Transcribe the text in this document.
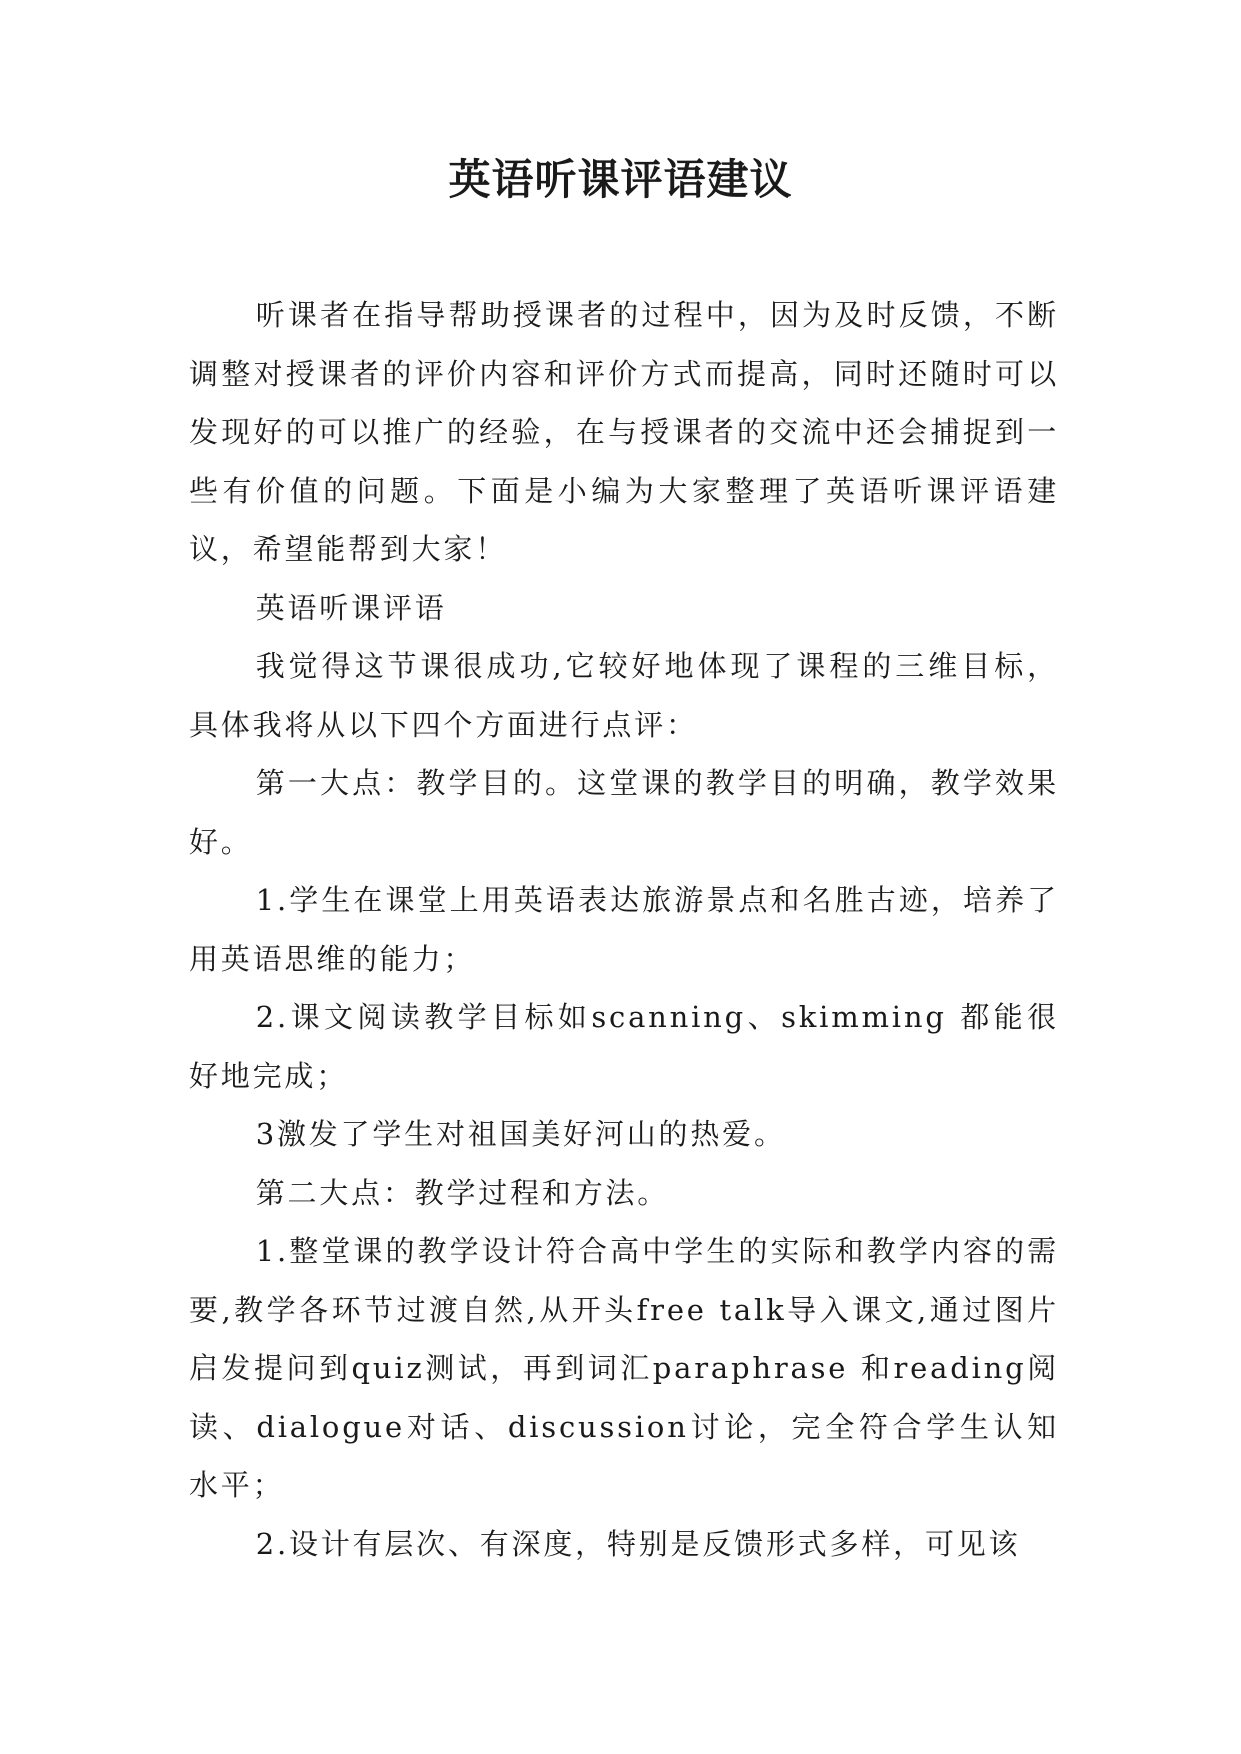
英语听课评语建议

听课者在指导帮助授课者的过程中，因为及时反馈，不断调整对授课者的评价内容和评价方式而提高，同时还随时可以发现好的可以推广的经验，在与授课者的交流中还会捕捉到一些有价值的问题。下面是小编为大家整理了英语听课评语建议，希望能帮到大家！

英语听课评语

我觉得这节课很成功,它较好地体现了课程的三维目标，具体我将从以下四个方面进行点评：

第一大点：教学目的。这堂课的教学目的明确，教学效果好。

1.学生在课堂上用英语表达旅游景点和名胜古迹，培养了用英语思维的能力；

2.课文阅读教学目标如scanning、skimming 都能很好地完成；

3激发了学生对祖国美好河山的热爱。

第二大点：教学过程和方法。

1.整堂课的教学设计符合高中学生的实际和教学内容的需要,教学各环节过渡自然,从开头free talk导入课文,通过图片启发提问到quiz测试，再到词汇paraphrase 和reading阅读、dialogue对话、discussion讨论，完全符合学生认知水平；

2.设计有层次、有深度，特别是反馈形式多样，可见该
